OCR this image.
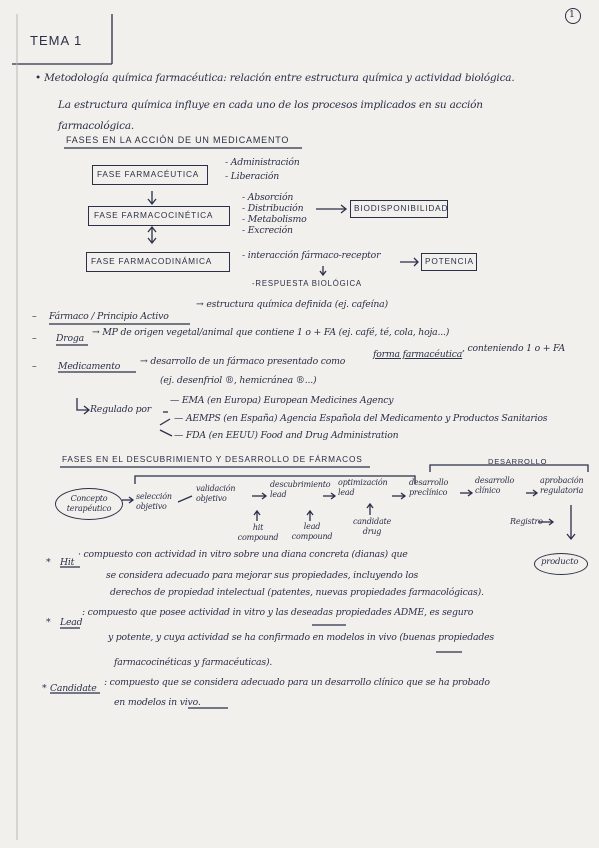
1
TEMA 1
• Metodología química farmacéutica: relación entre estructura química y actividad biológica.
La estructura química influye en cada uno de los procesos implicados en su acción
farmacológica.
FASES EN LA ACCIÓN DE UN MEDICAMENTO
FASE FARMACÉUTICA
- Administración
- Liberación
FASE FARMACOCINÉTICA
- Absorción
- Distribución
- Metabolismo
- Excreción
BIODISPONIBILIDAD
FASE FARMACODINÁMICA	- interacción fármaco-receptor
-RESPUESTA BIOLÓGICA
POTENCIA
– Fármaco / Principio Activo
→ estructura química definida (ej. cafeína)
– Droga
→ MP de origen vegetal/animal que contiene 1 o + FA (ej. café, té, cola, hoja...)
– Medicamento → desarrollo de un fármaco presentado como
forma farmacéutica
, conteniendo 1 o + FA
(ej. desenfriol ®, hemicránea ®...)
Regulado por
— EMA (en Europa) European Medicines Agency
— AEMPS (en España) Agencia Española del Medicamento y Productos Sanitarios
— FDA (en EEUU) Food and Drug Administration
FASES EN EL DESCUBRIMIENTO Y DESARROLLO DE FÁRMACOS	DESARROLLO
Concepto terapéutico
selección objetivo
validación objetivo
descubrimiento lead
optimización lead
desarrollo preclínico
desarrollo clínico
aprobación regulatoria
hit compound
lead compound
candidate drug
Registro
producto
* Hit
· compuesto con actividad in vitro sobre una diana concreta (dianas) que
se considera adecuado para mejorar sus propiedades, incluyendo los
derechos de propiedad intelectual (patentes, nuevas propiedades farmacológicas).
* Lead
: compuesto que posee actividad in vitro y las deseadas propiedades ADME, es seguro
y potente, y cuya actividad se ha confirmado en modelos in vivo (buenas propiedades
farmacocinéticas y farmacéuticas).
* Candidate
: compuesto que se considera adecuado para un desarrollo clínico que se ha probado
en modelos in vivo.
